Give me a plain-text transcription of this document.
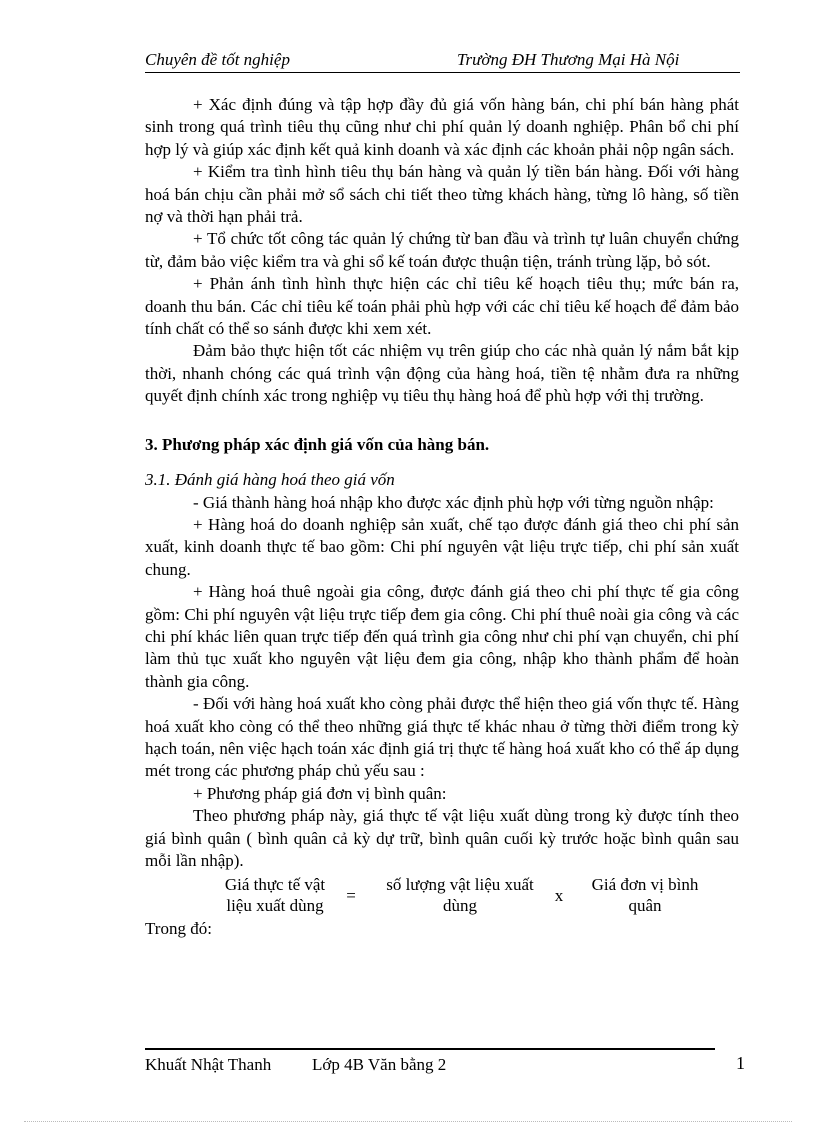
Chuyên đề tốt nghiệp	Trường ĐH Thương Mại Hà Nội

+ Xác định đúng và tập hợp đầy đủ giá vốn hàng bán, chi phí bán hàng phát sinh trong quá trình tiêu thụ cũng như chi phí quản lý doanh nghiệp. Phân bổ chi phí hợp lý và giúp xác định kết quả kinh doanh và xác định các khoản phải nộp ngân sách.

+ Kiểm tra tình hình tiêu thụ bán hàng và quản lý tiền bán hàng. Đối với hàng hoá bán chịu cần phải mở sổ sách chi tiết theo từng khách hàng, từng lô hàng, số tiền nợ và thời hạn phải trả.

+ Tổ chức tốt công tác quản lý chứng từ ban đầu và trình tự luân chuyển chứng từ, đảm bảo việc kiểm tra và ghi sổ kế toán được thuận tiện, tránh trùng lặp, bỏ sót.

+ Phản ánh tình hình thực hiện các chỉ tiêu kế hoạch tiêu thụ; mức bán ra, doanh thu bán. Các chỉ tiêu kế toán phải phù hợp với các chỉ tiêu kế hoạch để đảm bảo tính chất có thể so sánh được khi xem xét.

Đảm bảo thực hiện tốt các nhiệm vụ trên giúp cho các nhà quản lý nắm bắt kịp thời, nhanh chóng các quá trình vận động của hàng hoá, tiền tệ nhằm đưa ra những quyết định chính xác trong nghiệp vụ tiêu thụ hàng hoá để phù hợp với thị trường.

3. Phương pháp xác định giá vốn của hàng bán.

3.1. Đánh giá hàng hoá theo giá vốn

- Giá thành hàng hoá nhập kho được xác định phù hợp với từng nguồn nhập:

+ Hàng hoá do doanh nghiệp sản xuất, chế tạo được đánh giá theo chi phí sản xuất, kinh doanh thực tế bao gồm: Chi phí nguyên vật liệu trực tiếp, chi phí sản xuất chung.

+ Hàng hoá thuê ngoài gia công, được đánh giá theo chi phí thực tế gia công gồm: Chi phí nguyên vật liệu trực tiếp đem gia công. Chi phí thuê noài gia công và các chi phí khác liên quan trực tiếp đến quá trình gia công như chi phí vạn chuyển, chi phí làm thủ tục xuất kho nguyên vật liệu đem gia công, nhập kho thành phẩm để hoàn thành gia công.

- Đối với hàng hoá xuất kho còng phải được thể hiện theo giá vốn thực tế. Hàng hoá xuất kho còng có thể theo những giá thực tế khác nhau ở từng thời điểm trong kỳ hạch toán, nên việc hạch toán xác định giá trị thực tế hàng hoá xuất kho có thể áp dụng mét trong các phương pháp chủ yếu sau :

+ Phương pháp giá đơn vị bình quân:

Theo phương pháp này, giá thực tế vật liệu xuất dùng trong kỳ được tính theo giá bình quân ( bình quân cả kỳ dự trữ, bình quân cuối kỳ trước hoặc bình quân sau mỗi lần nhập).

Giá thực tế vật
liệu xuất dùng
=
số lượng vật liệu xuất
dùng
x
Giá đơn vị bình
quân

Trong đó:

Khuất Nhật Thanh Lớp 4B Văn bằng 2	1
